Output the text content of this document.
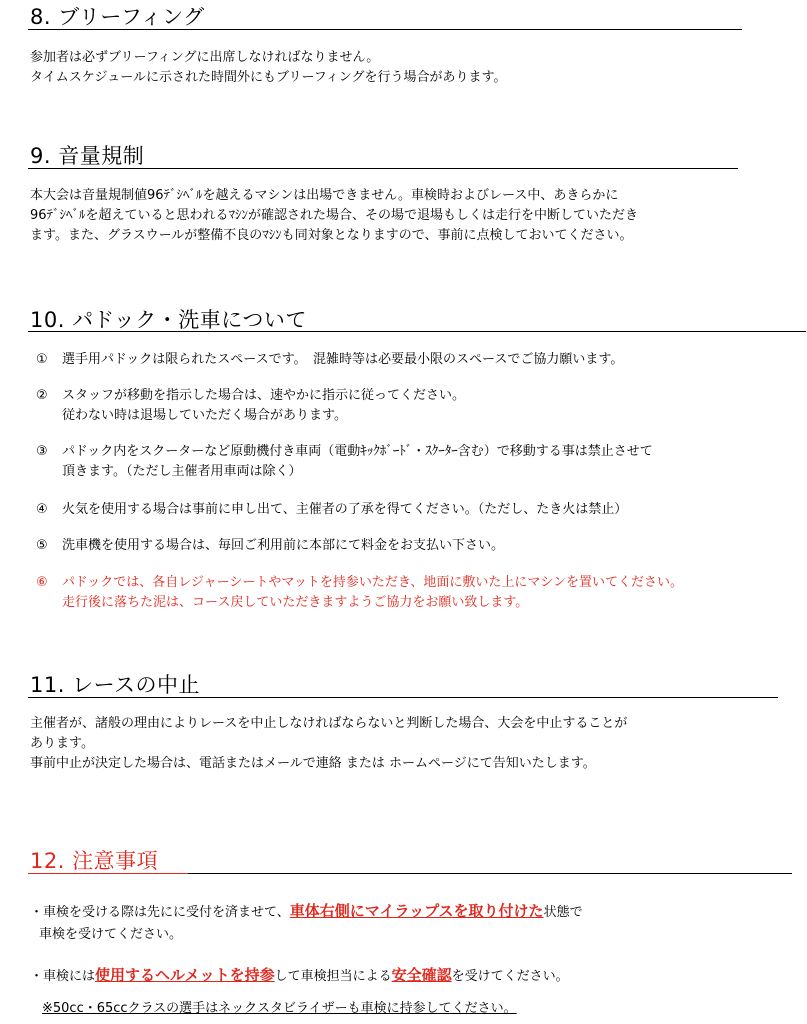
8. ブリーフィング
参加者は必ずブリーフィングに出席しなければなりません。
タイムスケジュールに示された時間外にもブリーフィングを行う場合があります。
9. 音量規制
本大会は音量規制値96ﾃﾞｼﾍﾞﾙを越えるマシンは出場できません。車検時およびレース中、あきらかに
96ﾃﾞｼﾍﾞﾙを超えていると思われるﾏｼﾝが確認された場合、その場で退場もしくは走行を中断していただき
ます。また、グラスウールが整備不良のﾏｼﾝも同対象となりますので、事前に点検しておいてください。
10. パドック・洗車について
① 選手用パドックは限られたスペースです。　混雑時等は必要最小限のスペースでご協力願います。
② スタッフが移動を指示した場合は、速やかに指示に従ってください。
従わない時は退場していただく場合があります。
③ パドック内をスクーターなど原動機付き車両（電動ｷｯｸﾎﾞｰﾄﾞ・ｽｸｰﾀｰ含む）で移動する事は禁止させて
頂きます。（ただし主催者用車両は除く）
④ 火気を使用する場合は事前に申し出て、主催者の了承を得てください。（ただし、たき火は禁止）
⑤ 洗車機を使用する場合は、毎回ご利用前に本部にて料金をお支払い下さい。
⑥ パドックでは、各自レジャーシートやマットを持参いただき、地面に敷いた上にマシンを置いてください。
走行後に落ちた泥は、コース戻していただきますようご協力をお願い致します。
11. レースの中止
主催者が、諸般の理由によりレースを中止しなければならないと判断した場合、大会を中止することが
あります。
事前中止が決定した場合は、電話またはメールで連絡 または ホームページにて告知いたします。
12. 注意事項
・車検を受ける際は先にに受付を済ませて、車体右側にマイラップスを取り付けた状態で
車検を受けてください。
・車検には使用するヘルメットを持参して車検担当による安全確認を受けてください。
※50cc・65ccクラスの選手はネックスタビライザーも車検に持参してください。
